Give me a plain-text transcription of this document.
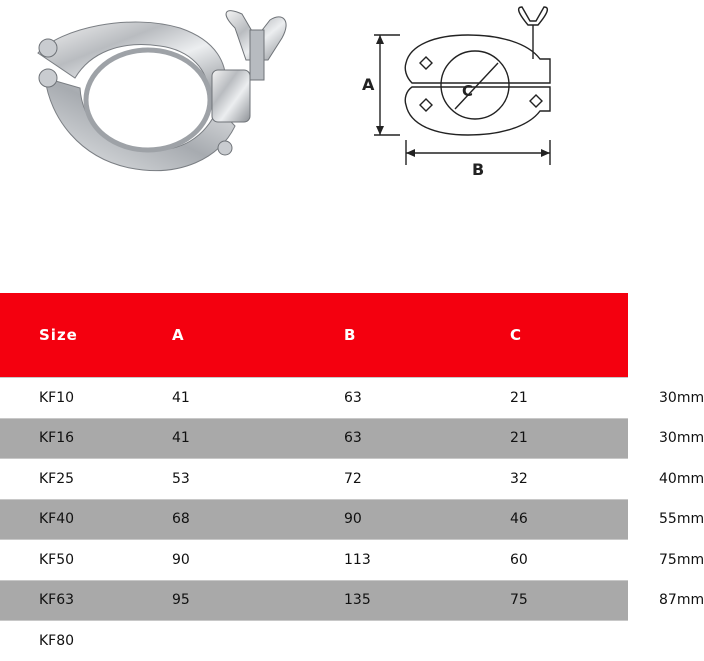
A
B
C
Size	A	B	C	卡盘外径
KF10	41	63	21	30mm
KF16	41	63	21	30mm
KF25	53	72	32	40mm
KF40	68	90	46	55mm
KF50	90	113	60	75mm
KF63	95	135	75	87mm
KF80				
